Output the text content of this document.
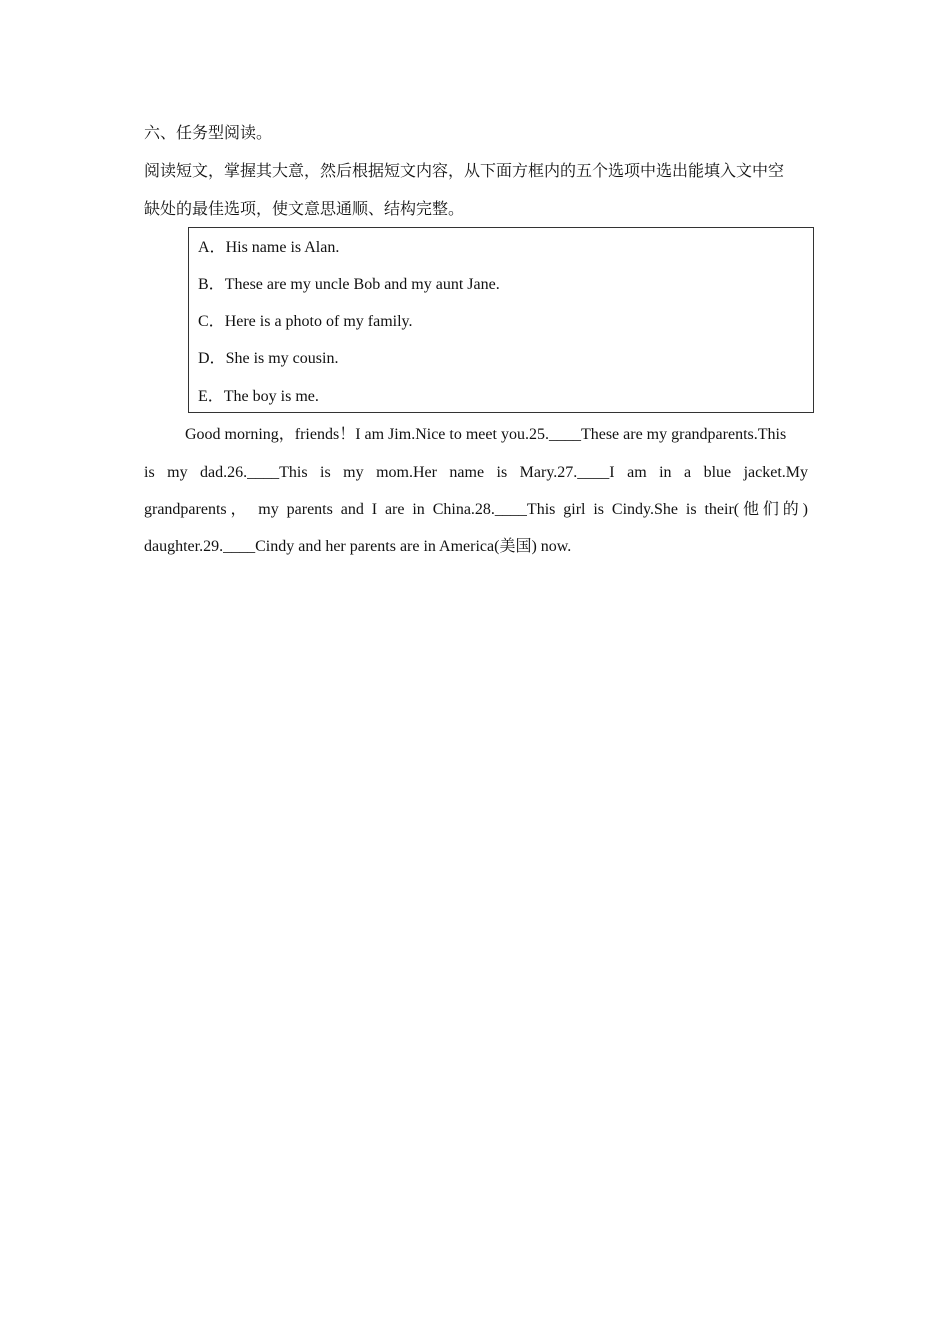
六、任务型阅读。
阅读短文，掌握其大意，然后根据短文内容，从下面方框内的五个选项中选出能填入文中空
缺处的最佳选项，使文意思通顺、结构完整。
A．His name is Alan.
B．These are my uncle Bob and my aunt Jane.
C．Here is a photo of my family.
D．She is my cousin.
E．The boy is me.
Good morning，friends！I am Jim.Nice to meet you.25.____These are my grandparents.This
is my dad.26.____This is my mom.Her name is Mary.27.____I am in a blue jacket.My
grandparents， my parents and I are in China.28.____This girl is Cindy.She is their(他们的)
daughter.29.____Cindy and her parents are in America(美国) now.
